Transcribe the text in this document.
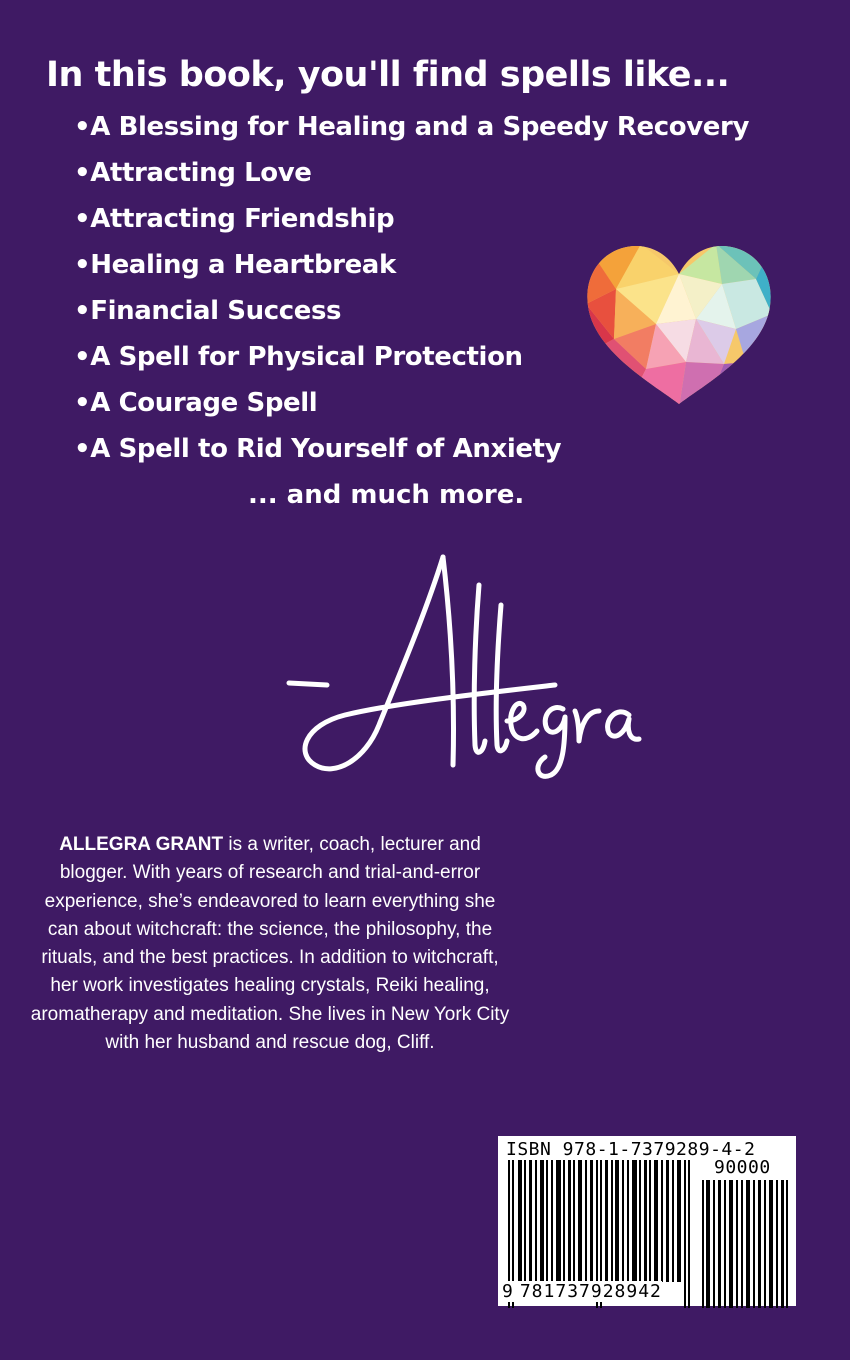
In this book, you'll find spells like...
•A Blessing for Healing and a Speedy Recovery
•Attracting Love
•Attracting Friendship
•Healing a Heartbreak
•Financial Success
•A Spell for Physical Protection
•A Courage Spell
•A Spell to Rid Yourself of Anxiety
... and much more.

ALLEGRA GRANT is a writer, coach, lecturer and blogger. With years of research and trial-and-error experience, she’s endeavored to learn everything she can about witchcraft: the science, the philosophy, the rituals, and the best practices. In addition to witchcraft, her work investigates healing crystals, Reiki healing, aromatherapy and meditation. She lives in New York City with her husband and rescue dog, Cliff.

ISBN 978-1-7379289-4-2
90000
9 781737928942
